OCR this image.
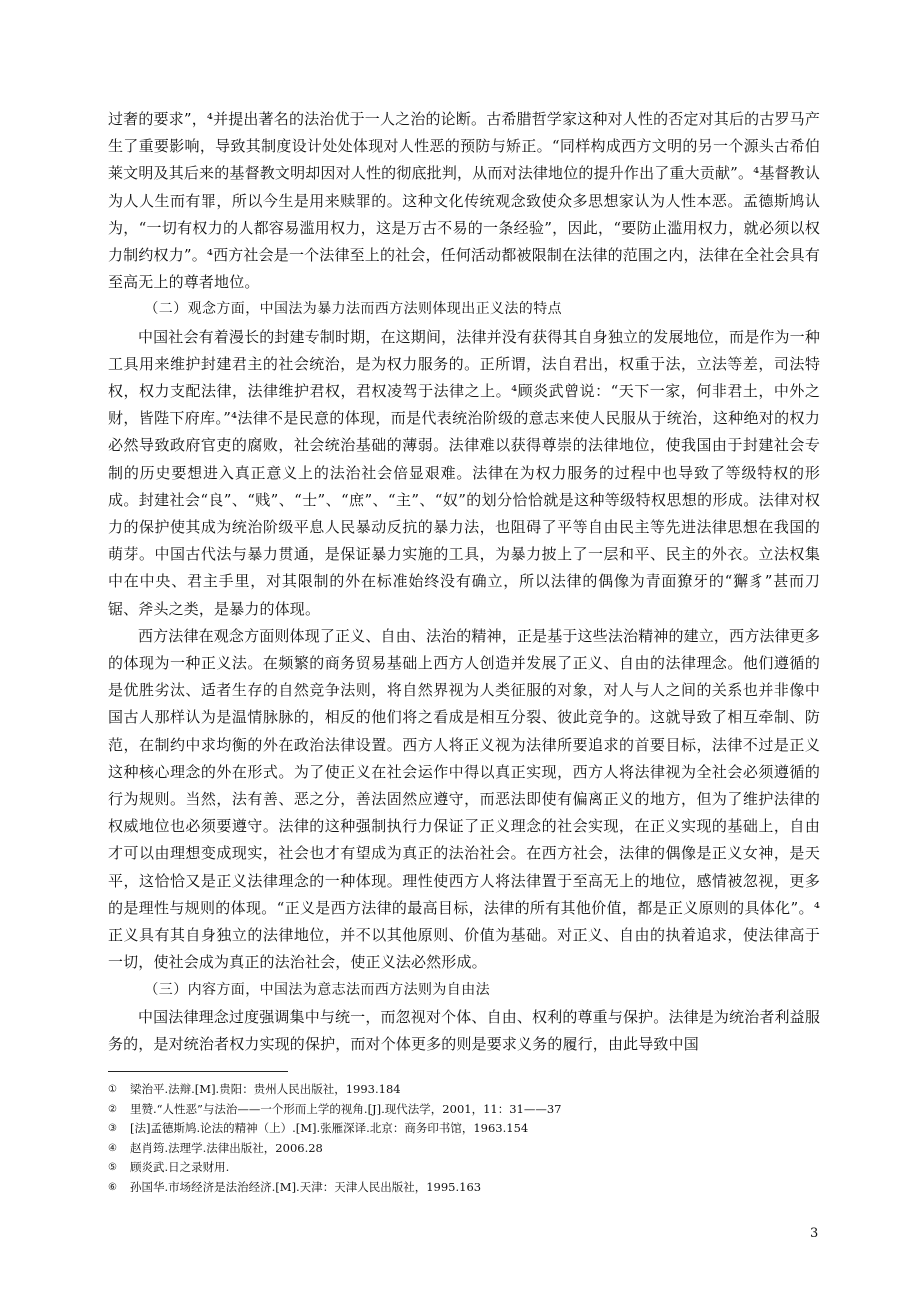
过奢的要求”，⁴并提出著名的法治优于一人之治的论断。古希腊哲学家这种对人性的否定对其后的古罗马产生了重要影响，导致其制度设计处处体现对人性恶的预防与矫正。“同样构成西方文明的另一个源头古希伯莱文明及其后来的基督教文明却因对人性的彻底批判，从而对法律地位的提升作出了重大贡献”。⁴基督教认为人人生而有罪，所以今生是用来赎罪的。这种文化传统观念致使众多思想家认为人性本恶。孟德斯鸠认为，“一切有权力的人都容易滥用权力，这是万古不易的一条经验”，因此，“要防止滥用权力，就必须以权力制约权力”。⁴西方社会是一个法律至上的社会，任何活动都被限制在法律的范围之内，法律在全社会具有至高无上的尊者地位。

（二）观念方面，中国法为暴力法而西方法则体现出正义法的特点

中国社会有着漫长的封建专制时期，在这期间，法律并没有获得其自身独立的发展地位，而是作为一种工具用来维护封建君主的社会统治，是为权力服务的。正所谓，法自君出，权重于法，立法等差，司法特权，权力支配法律，法律维护君权，君权凌驾于法律之上。⁴顾炎武曾说：“天下一家，何非君土，中外之财，皆陛下府库。”⁴法律不是民意的体现，而是代表统治阶级的意志来使人民服从于统治，这种绝对的权力必然导致政府官吏的腐败，社会统治基础的薄弱。法律难以获得尊崇的法律地位，使我国由于封建社会专制的历史要想进入真正意义上的法治社会倍显艰难。法律在为权力服务的过程中也导致了等级特权的形成。封建社会“良”、“贱”、“士”、“庶”、“主”、“奴”的划分恰恰就是这种等级特权思想的形成。法律对权力的保护使其成为统治阶级平息人民暴动反抗的暴力法，也阻碍了平等自由民主等先进法律思想在我国的萌芽。中国古代法与暴力贯通，是保证暴力实施的工具，为暴力披上了一层和平、民主的外衣。立法权集中在中央、君主手里，对其限制的外在标准始终没有确立，所以法律的偶像为青面獠牙的“獬豸”甚而刀锯、斧头之类，是暴力的体现。

西方法律在观念方面则体现了正义、自由、法治的精神，正是基于这些法治精神的建立，西方法律更多的体现为一种正义法。在频繁的商务贸易基础上西方人创造并发展了正义、自由的法律理念。他们遵循的是优胜劣汰、适者生存的自然竞争法则，将自然界视为人类征服的对象，对人与人之间的关系也并非像中国古人那样认为是温情脉脉的，相反的他们将之看成是相互分裂、彼此竞争的。这就导致了相互牵制、防范，在制约中求均衡的外在政治法律设置。西方人将正义视为法律所要追求的首要目标，法律不过是正义这种核心理念的外在形式。为了使正义在社会运作中得以真正实现，西方人将法律视为全社会必须遵循的行为规则。当然，法有善、恶之分，善法固然应遵守，而恶法即使有偏离正义的地方，但为了维护法律的权威地位也必须要遵守。法律的这种强制执行力保证了正义理念的社会实现，在正义实现的基础上，自由才可以由理想变成现实，社会也才有望成为真正的法治社会。在西方社会，法律的偶像是正义女神，是天平，这恰恰又是正义法律理念的一种体现。理性使西方人将法律置于至高无上的地位，感情被忽视，更多的是理性与规则的体现。“正义是西方法律的最高目标，法律的所有其他价值，都是正义原则的具体化”。⁴正义具有其自身独立的法律地位，并不以其他原则、价值为基础。对正义、自由的执着追求，使法律高于一切，使社会成为真正的法治社会，使正义法必然形成。

（三）内容方面，中国法为意志法而西方法则为自由法

中国法律理念过度强调集中与统一，而忽视对个体、自由、权利的尊重与保护。法律是为统治者利益服务的，是对统治者权力实现的保护，而对个体更多的则是要求义务的履行，由此导致中国

① 梁治平.法辩.[M].贵阳：贵州人民出版社，1993.184
② 里赞.“人性恶”与法治——一个形而上学的视角.[J].现代法学，2001，11：31——37
③ [法]孟德斯鸠.论法的精神（上）.[M].张雁深译.北京：商务印书馆，1963.154
④ 赵肖筠.法理学.法律出版社，2006.28
⑤ 顾炎武.日之录财用.
⑥ 孙国华.市场经济是法治经济.[M].天津：天津人民出版社，1995.163
3
